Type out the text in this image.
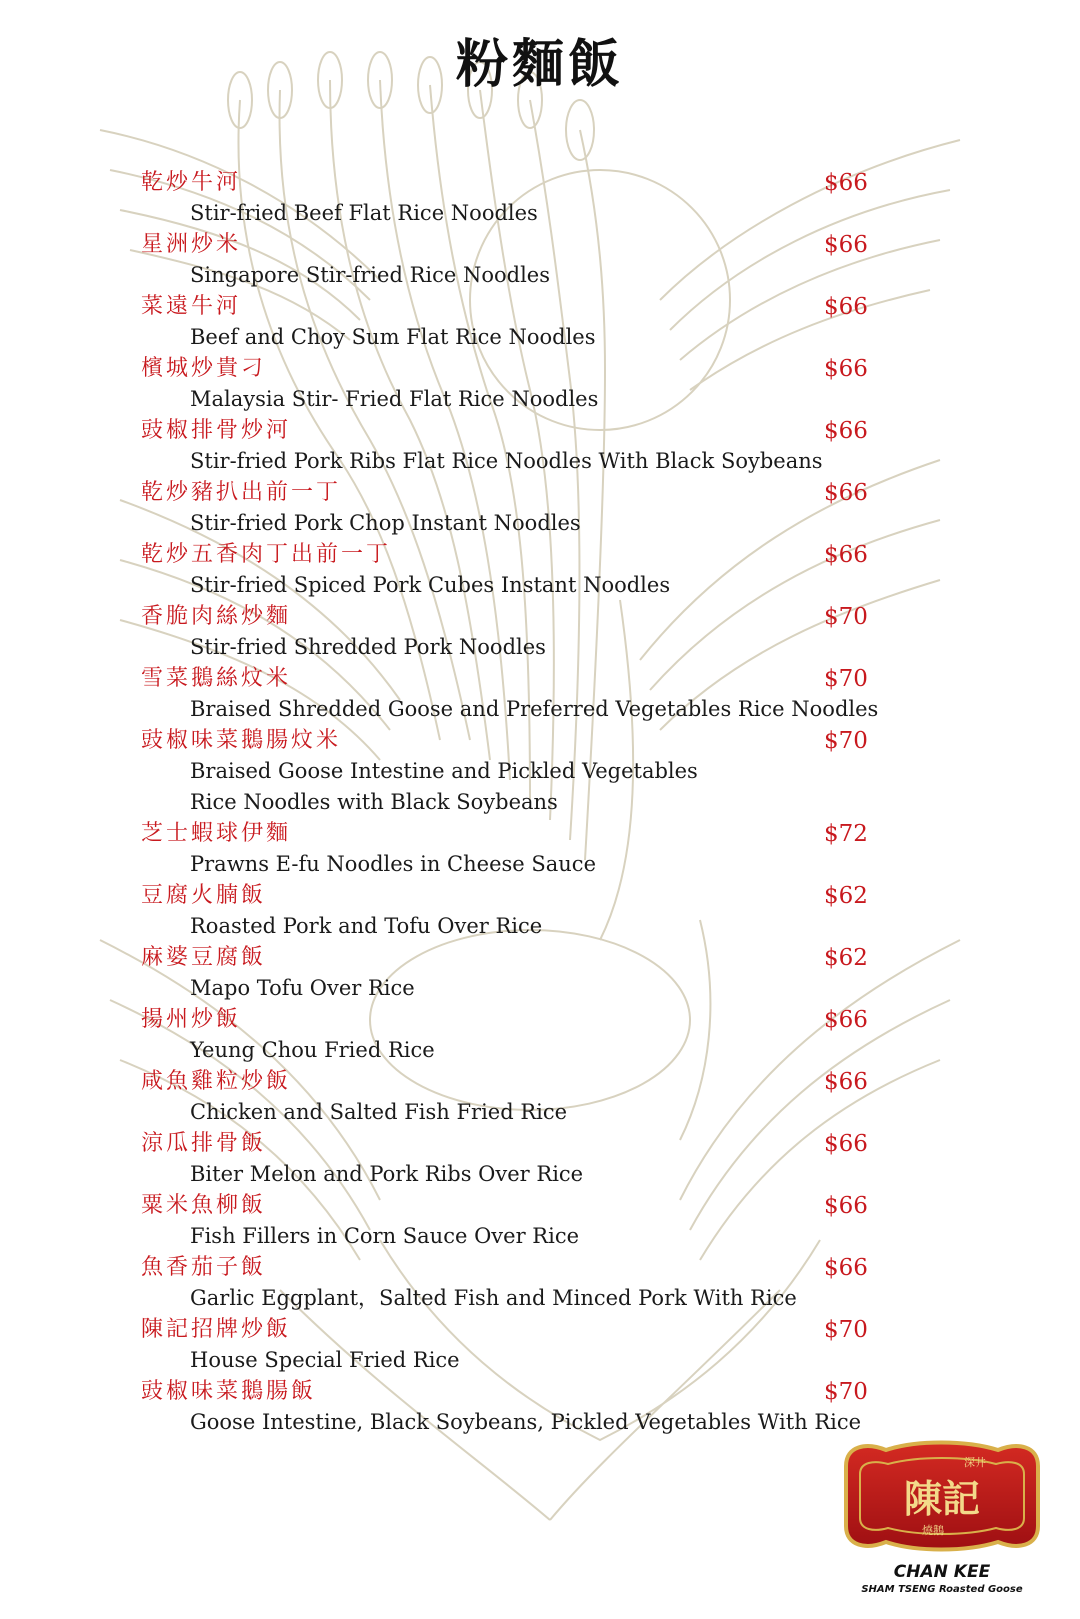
粉麵飯
乾炒牛河	$66
Stir-fried Beef Flat Rice Noodles
星洲炒米	$66
Singapore Stir-fried Rice Noodles
菜遠牛河	$66
Beef and Choy Sum Flat Rice Noodles
檳城炒貴刁	$66
Malaysia Stir- Fried Flat Rice Noodles
豉椒排骨炒河	$66
Stir-fried Pork Ribs Flat Rice Noodles With Black Soybeans
乾炒豬扒出前一丁	$66
Stir-fried Pork Chop Instant Noodles
乾炒五香肉丁出前一丁	$66
Stir-fried Spiced Pork Cubes Instant Noodles
香脆肉絲炒麵	$70
Stir-fried Shredded Pork Noodles
雪菜鵝絲炆米	$70
Braised Shredded Goose and Preferred Vegetables Rice Noodles
豉椒味菜鵝腸炆米	$70
Braised Goose Intestine and Pickled Vegetables
Rice Noodles with Black Soybeans
芝士蝦球伊麵	$72
Prawns E-fu Noodles in Cheese Sauce
豆腐火腩飯	$62
Roasted Pork and Tofu Over Rice
麻婆豆腐飯	$62
Mapo Tofu Over Rice
揚州炒飯	$66
Yeung Chou Fried Rice
咸魚雞粒炒飯	$66
Chicken and Salted Fish Fried Rice
涼瓜排骨飯	$66
Biter Melon and Pork Ribs Over Rice
粟米魚柳飯	$66
Fish Fillers in Corn Sauce Over Rice
魚香茄子飯	$66
Garlic Eggplant，Salted Fish and Minced Pork With Rice
陳記招牌炒飯	$70
House Special Fried Rice
豉椒味菜鵝腸飯	$70
Goose Intestine, Black Soybeans, Pickled Vegetables With Rice
深井
陳記
燒鵝
CHAN KEE
SHAM TSENG Roasted Goose
